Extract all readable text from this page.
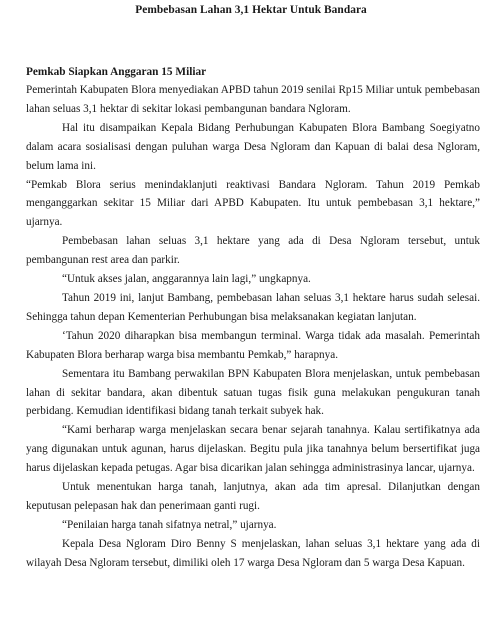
Pembebasan Lahan 3,1 Hektar Untuk Bandara
Pemkab Siapkan Anggaran 15 Miliar

Pemerintah Kabupaten Blora menyediakan APBD tahun 2019 senilai Rp15 Miliar untuk pembebasan lahan seluas 3,1 hektar di sekitar lokasi pembangunan bandara Ngloram.

Hal itu disampaikan Kepala Bidang Perhubungan Kabupaten Blora Bambang Soegiyatno dalam acara sosialisasi dengan puluhan warga Desa Ngloram dan Kapuan di balai desa Ngloram, belum lama ini.

“Pemkab Blora serius menindaklanjuti reaktivasi Bandara Ngloram. Tahun 2019 Pemkab menganggarkan sekitar 15 Miliar dari APBD Kabupaten. Itu untuk pembebasan 3,1 hektare,” ujarnya.

Pembebasan lahan seluas 3,1 hektare yang ada di Desa Ngloram tersebut, untuk pembangunan rest area dan parkir.

“Untuk akses jalan, anggarannya lain lagi,” ungkapnya.

Tahun 2019 ini, lanjut Bambang, pembebasan lahan seluas 3,1 hektare harus sudah selesai. Sehingga tahun depan Kementerian Perhubungan bisa melaksanakan kegiatan lanjutan.

‘Tahun 2020 diharapkan bisa membangun terminal. Warga tidak ada masalah. Pemerintah Kabupaten Blora berharap warga bisa membantu Pemkab,” harapnya.

Sementara itu Bambang perwakilan BPN Kabupaten Blora menjelaskan, untuk pembebasan lahan di sekitar bandara, akan dibentuk satuan tugas fisik guna melakukan pengukuran tanah perbidang. Kemudian identifikasi bidang tanah terkait subyek hak.

“Kami berharap warga menjelaskan secara benar sejarah tanahnya. Kalau sertifikatnya ada yang digunakan untuk agunan, harus dijelaskan. Begitu pula jika tanahnya belum bersertifikat juga harus dijelaskan kepada petugas. Agar bisa dicarikan jalan sehingga administrasinya lancar, ujarnya.

Untuk menentukan harga tanah, lanjutnya, akan ada tim apresal. Dilanjutkan dengan keputusan pelepasan hak dan penerimaan ganti rugi.

“Penilaian harga tanah sifatnya netral,” ujarnya.

Kepala Desa Ngloram Diro Benny S menjelaskan, lahan seluas 3,1 hektare yang ada di wilayah Desa Ngloram tersebut, dimiliki oleh 17 warga Desa Ngloram dan 5 warga Desa Kapuan.
